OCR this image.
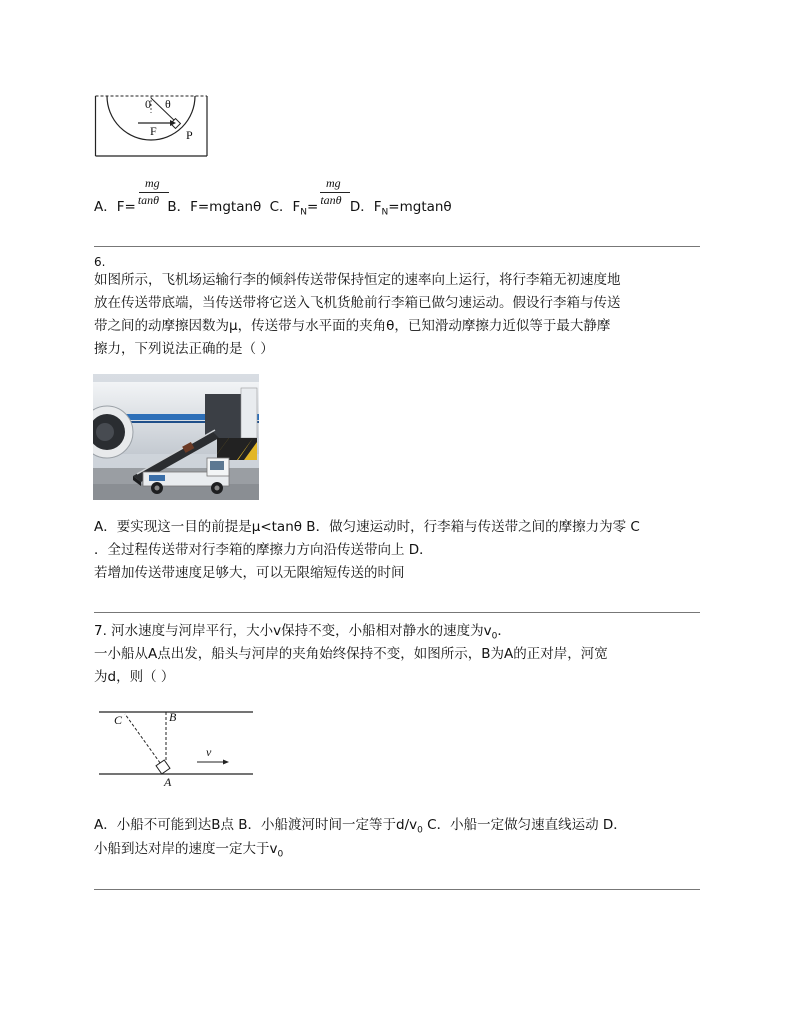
0 θ
F P
mg	mg
A．F= tanθ B．F=mgtanθ C．$F_N= \tan\theta$ D．$F_N=mgtan\theta$
6.
如图所示，飞机场运输行李的倾斜传送带保持恒定的速率向上运行，将行李箱无初速度地
放在传送带底端，当传送带将它送入飞机货舱前行李箱已做匀速运动。假设行李箱与传送
带之间的动摩擦因数为μ，传送带与水平面的夹角θ，已知滑动摩擦力近似等于最大静摩
擦力，下列说法正确的是（ ）
A．要实现这一目的前提是μ<tanθ B．做匀速运动时，行李箱与传送带之间的摩擦力为零 C
．全过程传送带对行李箱的摩擦力方向沿传送带向上 D．
若增加传送带速度足够大，可以无限缩短传送的时间
7. 河水速度与河岸平行，大小v保持不变，小船相对静水的速度为$v_0$．
一小船从A点出发，船头与河岸的夹角始终保持不变，如图所示，B为A的正对岸，河宽
为d，则（ ）
C	B
v
A
A．小船不可能到达B点 B．小船渡河时间一定等于$d/v_0$ C．小船一定做匀速直线运动 D．
小船到达对岸的速度一定大于$v_0$
